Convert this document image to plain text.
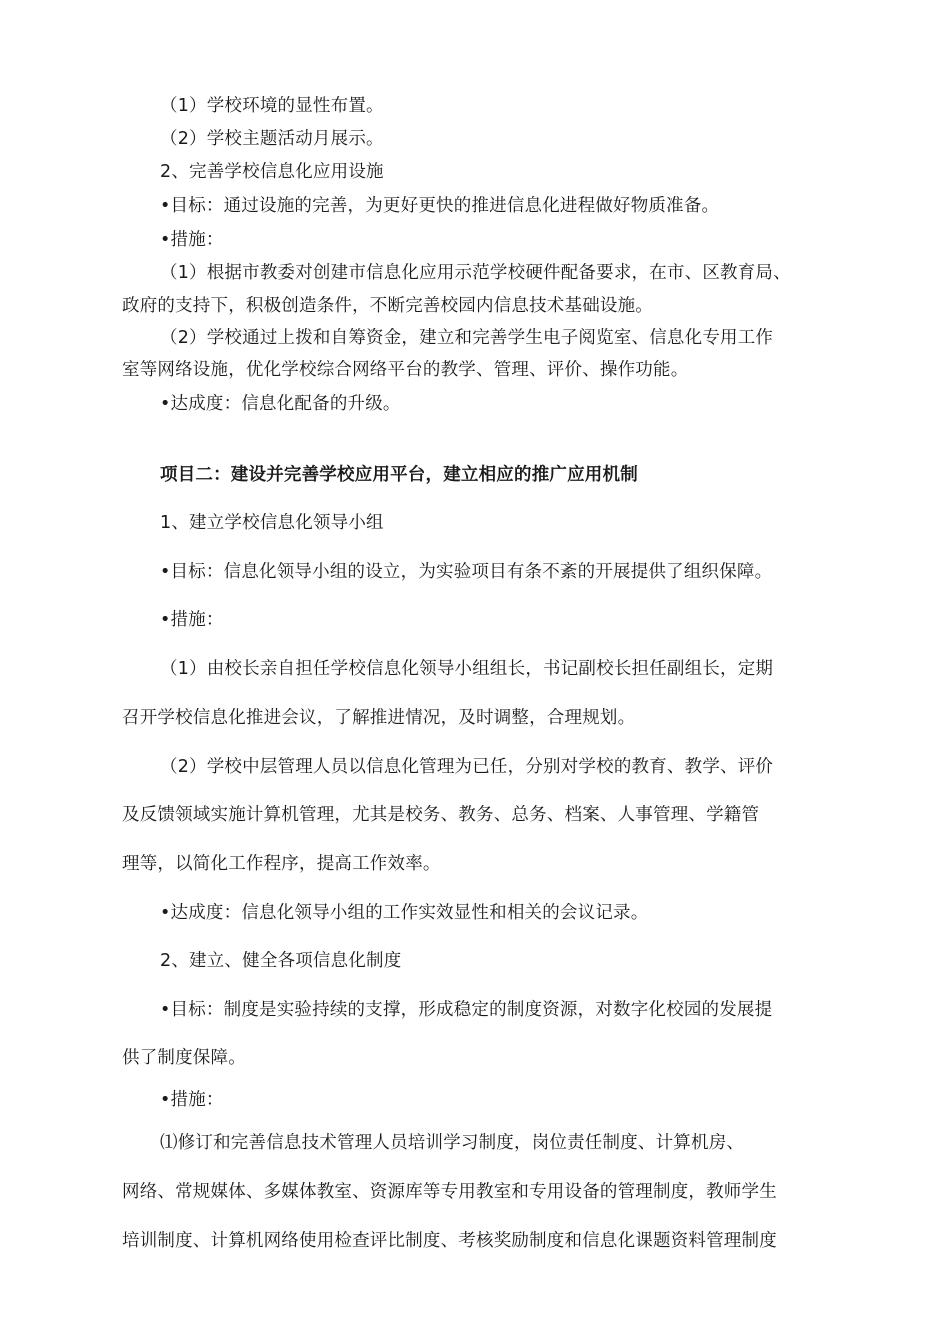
（1）学校环境的显性布置。
（2）学校主题活动月展示。
2、完善学校信息化应用设施
•目标：通过设施的完善，为更好更快的推进信息化进程做好物质准备。
•措施：
（1）根据市教委对创建市信息化应用示范学校硬件配备要求，在市、区教育局、
政府的支持下，积极创造条件，不断完善校园内信息技术基础设施。
（2）学校通过上拨和自筹资金，建立和完善学生电子阅览室、信息化专用工作
室等网络设施，优化学校综合网络平台的教学、管理、评价、操作功能。
•达成度：信息化配备的升级。
项目二：建设并完善学校应用平台，建立相应的推广应用机制
1、建立学校信息化领导小组
•目标：信息化领导小组的设立，为实验项目有条不紊的开展提供了组织保障。
•措施：
（1）由校长亲自担任学校信息化领导小组组长，书记副校长担任副组长，定期
召开学校信息化推进会议，了解推进情况，及时调整，合理规划。
（2）学校中层管理人员以信息化管理为已任，分别对学校的教育、教学、评价
及反馈领域实施计算机管理，尤其是校务、教务、总务、档案、人事管理、学籍管
理等，以简化工作程序，提高工作效率。
•达成度：信息化领导小组的工作实效显性和相关的会议记录。
2、建立、健全各项信息化制度
•目标：制度是实验持续的支撑，形成稳定的制度资源，对数字化校园的发展提
供了制度保障。
•措施：
⑴修订和完善信息技术管理人员培训学习制度，岗位责任制度、计算机房、
网络、常规媒体、多媒体教室、资源库等专用教室和专用设备的管理制度，教师学生
培训制度、计算机网络使用检查评比制度、考核奖励制度和信息化课题资料管理制度
